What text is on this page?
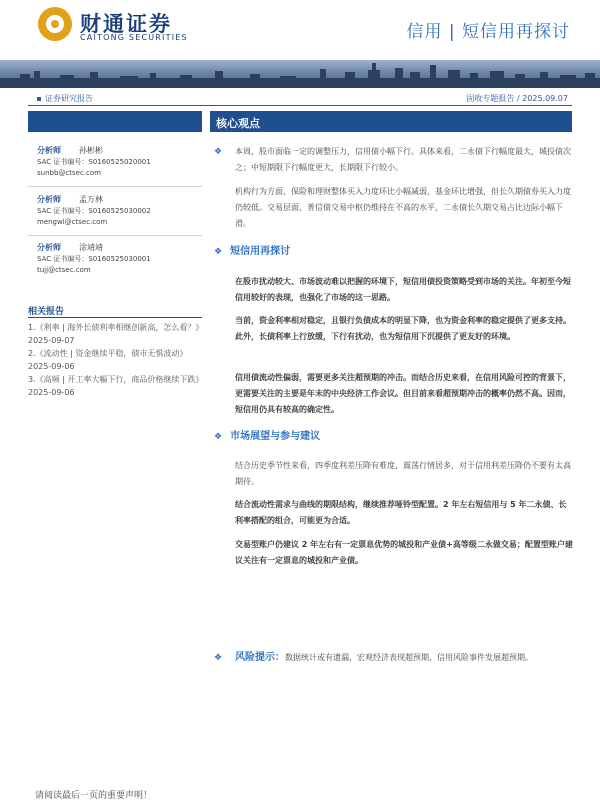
财通证券
CAITONG SECURITIES	信用 | 短信用再探讨
证券研究报告	固收专题报告 / 2025.09.07
分析师 孙彬彬
SAC 证书编号：S0160525020001
sunbb@ctsec.com
分析师 孟万林
SAC 证书编号：S0160525030002
mengwl@ctsec.com
分析师 涂靖靖
SAC 证书编号：S0160525030001
tujj@ctsec.com
相关报告
1.《利率 | 海外长债利率相继创新高，怎么看？》　2025-09-07
2.《流动性 | 资金继续平稳，债市无惧波动》　2025-09-06
3.《高频 | 开工率大幅下行，商品价格继续下跌》　2025-09-06
核心观点
❖ 本周，股市面临一定的调整压力，信用债小幅下行。具体来看，二永债下行幅度最大，城投债次之；中短期限下行幅度更大，长期限下行较小。
机构行为方面，保险和理财整体买入力度环比小幅减弱，基金环比增强，但长久期债券买入力度仍较低。交易层面，普信债交易中枢仍维持在不高的水平，二永债长久期交易占比边际小幅下滑。
❖ 短信用再探讨
在股市扰动较大、市场波动难以把握的环境下，短信用债投资策略受到市场的关注。年初至今短信用较好的表现，也强化了市场的这一思路。
当前，资金利率相对稳定，且银行负债成本的明显下降，也为资金利率的稳定提供了更多支持。此外，长债利率上行放缓，下行有扰动，也为短信用下沉提供了更友好的环境。
信用债流动性偏弱，需要更多关注超预期的冲击。而结合历史来看，在信用风险可控的背景下，更需要关注的主要是年末的中央经济工作会议。但目前来看超预期冲击的概率仍然不高。因而，短信用仍具有较高的确定性。
❖ 市场展望与参与建议
结合历史季节性来看，四季度利差压降有难度，震荡行情居多，对于信用利差压降仍不要有太高期待。
结合流动性需求与曲线的期限结构，继续推荐哑铃型配置。2 年左右短信用与 5 年二永债、长利率搭配的组合，可能更为合适。
交易型账户仍建议 2 年左右有一定票息优势的城投和产业债+高等级二永做交易；配置型账户建议关注有一定票息的城投和产业债。
❖ 风险提示：数据统计或有遗漏，宏观经济表现超预期，信用风险事件发展超预期。
请阅读最后一页的重要声明！
